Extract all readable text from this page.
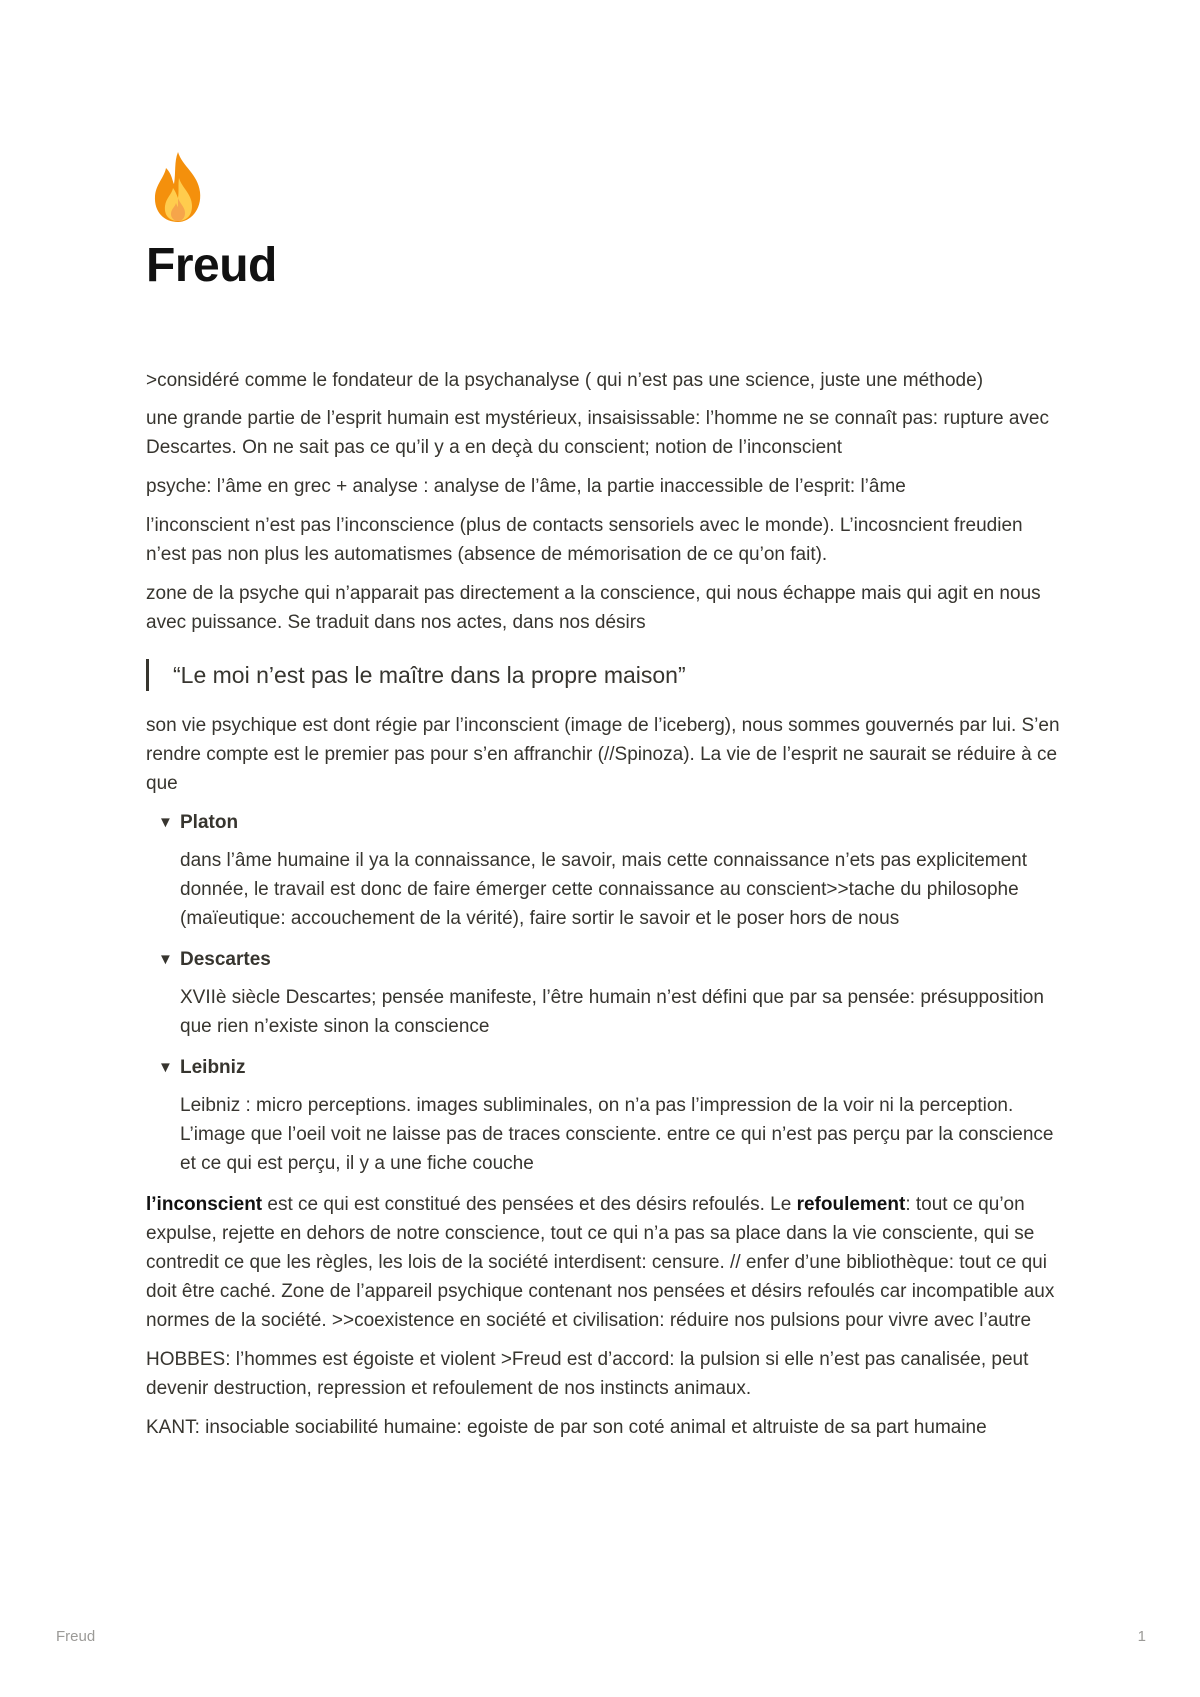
Freud

>considéré comme le fondateur de la psychanalyse ( qui n’est pas une science, juste une méthode)

une grande partie de l’esprit humain est mystérieux, insaisissable: l’homme ne se connaît pas: rupture avec Descartes. On ne sait pas ce qu’il y a en deçà du conscient; notion de l’inconscient

psyche: l’âme en grec + analyse : analyse de l’âme, la partie inaccessible de l’esprit: l’âme

l’inconscient n’est pas l’inconscience (plus de contacts sensoriels avec le monde). L’incosncient freudien n’est pas non plus les automatismes (absence de mémorisation de ce qu’on fait).

zone de la psyche qui n’apparait pas directement a la conscience, qui nous échappe mais qui agit en nous avec puissance. Se traduit dans nos actes, dans nos désirs

“Le moi n’est pas le maître dans la propre maison”

son vie psychique est dont régie par l’inconscient (image de l’iceberg), nous sommes gouvernés par lui. S’en rendre compte est le premier pas pour s’en affranchir (//Spinoza). La vie de l’esprit ne saurait se réduire à ce que

▼ Platon

dans l’âme humaine il ya la connaissance, le savoir, mais cette connaissance n’ets pas explicitement donnée, le travail est donc de faire émerger cette connaissance au conscient>>tache du philosophe (maïeutique: accouchement de la vérité), faire sortir le savoir et le poser hors de nous

▼ Descartes

XVIIè siècle Descartes; pensée manifeste, l’être humain n’est défini que par sa pensée: présupposition que rien n’existe sinon la conscience

▼ Leibniz

Leibniz : micro perceptions. images subliminales, on n’a pas l’impression de la voir ni la perception. L’image que l’oeil voit ne laisse pas de traces consciente. entre ce qui n’est pas perçu par la conscience et ce qui est perçu, il y a une fiche couche

l’inconscient est ce qui est constitué des pensées et des désirs refoulés. Le refoulement: tout ce qu’on expulse, rejette en dehors de notre conscience, tout ce qui n’a pas sa place dans la vie consciente, qui se contredit ce que les règles, les lois de la société interdisent: censure. // enfer d’une bibliothèque: tout ce qui doit être caché. Zone de l’appareil psychique contenant nos pensées et désirs refoulés car incompatible aux normes de la société. >>coexistence en société et civilisation: réduire nos pulsions pour vivre avec l’autre

HOBBES: l’hommes est égoiste et violent >Freud est d’accord: la pulsion si elle n’est pas canalisée, peut devenir destruction, repression et refoulement de nos instincts animaux.

KANT: insociable sociabilité humaine: egoiste de par son coté animal et altruiste de sa part humaine

Freud	1
